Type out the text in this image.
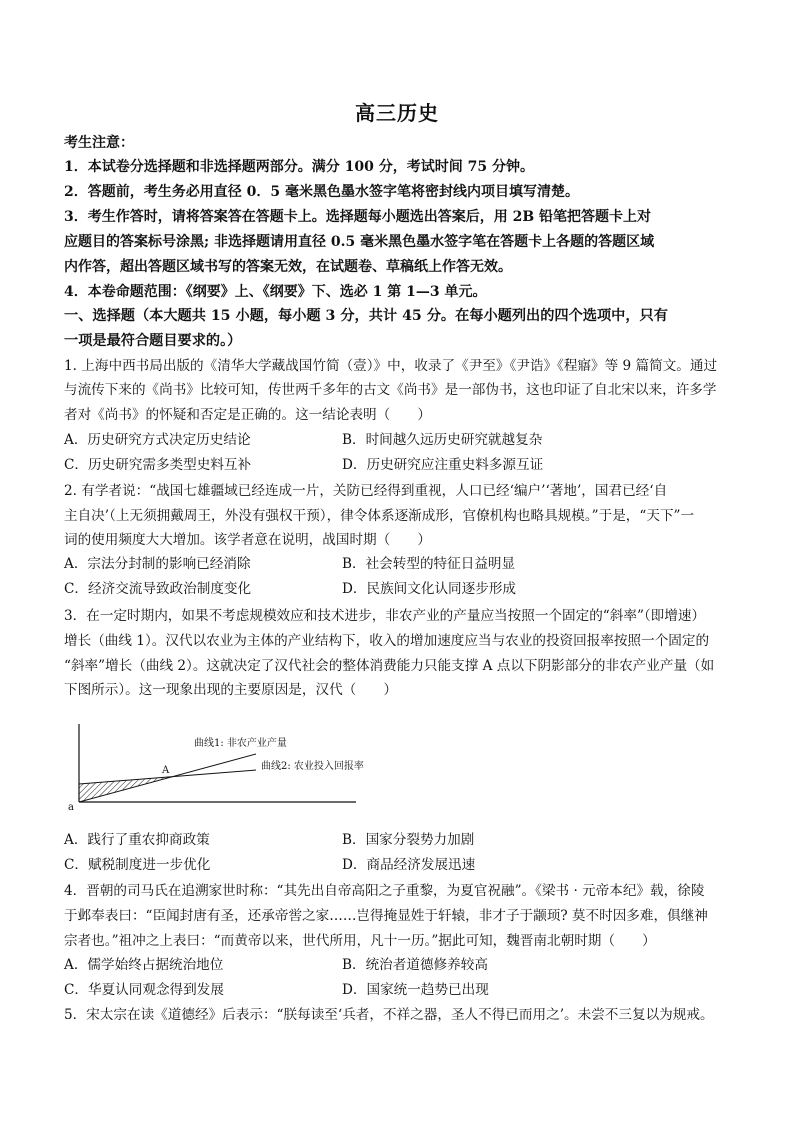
高三历史
考生注意：
1．本试卷分选择题和非选择题两部分。满分 100 分，考试时间 75 分钟。
2．答题前，考生务必用直径 0．5 毫米黑色墨水签字笔将密封线内项目填写清楚。
3．考生作答时，请将答案答在答题卡上。选择题每小题选出答案后，用 2B 铅笔把答题卡上对
应题目的答案标号涂黑; 非选择题请用直径 0.5 毫米黑色墨水签字笔在答题卡上各题的答题区域
内作答，超出答题区域书写的答案无效，在试题卷、草稿纸上作答无效。
4．本卷命题范围：《纲要》上、《纲要》下、选必 1 第 1—3 单元。
一、选择题（本大题共 15 小题，每小题 3 分，共计 45 分。在每小题列出的四个选项中，只有
一项是最符合题目要求的。）
1. 上海中西书局出版的《清华大学藏战国竹简（壹）》中，收录了《尹至》《尹诰》《程寤》等 9 篇简文。通过
与流传下来的《尚书》比较可知，传世两千多年的古文《尚书》是一部伪书，这也印证了自北宋以来，许多学
者对《尚书》的怀疑和否定是正确的。这一结论表明（　　）
A．历史研究方式决定历史结论	B．时间越久远历史研究就越复杂
C．历史研究需多类型史料互补	D．历史研究应注重史料多源互证
2. 有学者说：“战国七雄疆域已经连成一片，关防已经得到重视，人口已经‘编户’‘著地’，国君已经‘自
主自决’（上无须拥戴周王，外没有强权干预），律令体系逐渐成形，官僚机构也略具规模。”于是，“天下”一
词的使用频度大大增加。该学者意在说明，战国时期（　　）
A．宗法分封制的影响已经消除	B．社会转型的特征日益明显
C．经济交流导致政治制度变化	D．民族间文化认同逐步形成
3．在一定时期内，如果不考虑规模效应和技术进步，非农产业的产量应当按照一个固定的“斜率”（即增速）
增长（曲线 1）。汉代以农业为主体的产业结构下，收入的增加速度应当与农业的投资回报率按照一个固定的
“斜率”增长（曲线 2）。这就决定了汉代社会的整体消费能力只能支撑 A 点以下阴影部分的非农产业产量（如
下图所示）。这一现象出现的主要原因是，汉代（　　）
曲线1: 非农产业产量
曲线2: 农业投入回报率
A
a
A．践行了重农抑商政策	B．国家分裂势力加剧
C．赋税制度进一步优化	D．商品经济发展迅速
4．晋朝的司马氏在追溯家世时称：“其先出自帝高阳之子重黎，为夏官祝融”。《梁书 · 元帝本纪》载，徐陵
于邺奉表曰：“臣闻封唐有圣，还承帝喾之家……岂得掩显姓于轩辕，非才子于颛顼? 莫不时因多难，俱继神
宗者也。”祖冲之上表曰：“而黄帝以来，世代所用，凡十一历。”据此可知，魏晋南北朝时期（　　）
A．儒学始终占据统治地位	B．统治者道德修养较高
C．华夏认同观念得到发展	D．国家统一趋势已出现
5．宋太宗在读《道德经》后表示：“朕每读至‘兵者，不祥之器，圣人不得已而用之’。未尝不三复以为规戒。
